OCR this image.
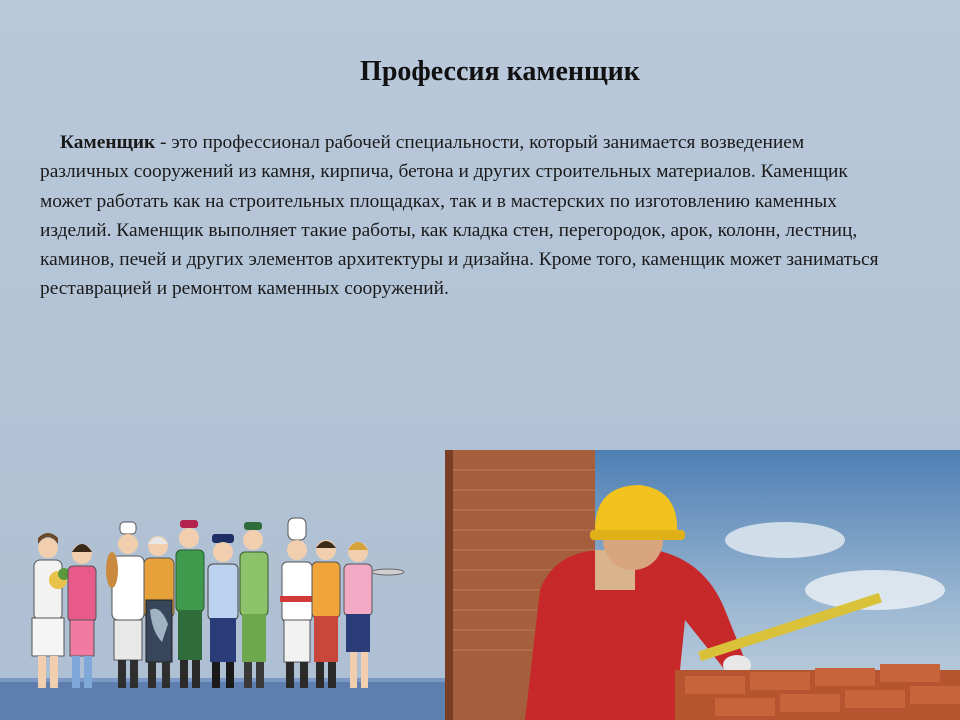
Профессия каменщик

Каменщик - это профессионал рабочей специальности, который занимается возведением различных сооружений из камня, кирпича, бетона и других строительных материалов. Каменщик может работать как на строительных площадках, так и в мастерских по изготовлению каменных изделий. Каменщик выполняет такие работы, как кладка стен, перегородок, арок, колонн, лестниц, каминов, печей и других элементов архитектуры и дизайна. Кроме того, каменщик может заниматься реставрацией и ремонтом каменных сооружений.
